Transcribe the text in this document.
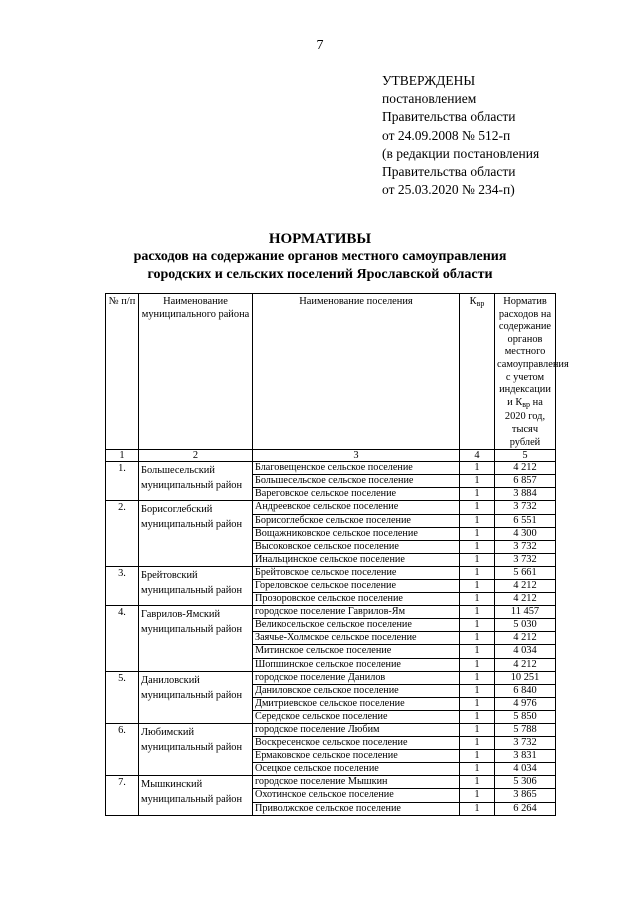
7
УТВЕРЖДЕНЫ
постановлением
Правительства области
от 24.09.2008 № 512-п
(в редакции постановления
Правительства области
от 25.03.2020 № 234-п)
НОРМАТИВЫ
расходов на содержание органов местного самоуправления
городских и сельских поселений Ярославской области
№ п/п	Наименование муниципального района	Наименование поселения	Квр	Норматив расходов на содержание органов местного самоуправления с учетом индексации и Квр на 2020 год, тысяч рублей
1	2	3	4	5
1.	Большесельский муниципальный район	Благовещенское сельское поселение	1	4 212
		Большесельское сельское поселение	1	6 857
		Вареговское сельское поселение	1	3 884
2.	Борисоглебский муниципальный район	Андреевское сельское поселение	1	3 732
		Борисоглебское сельское поселение	1	6 551
		Вощажниковское сельское поселение	1	4 300
		Высоковское сельское поселение	1	3 732
		Инальцинское сельское поселение	1	3 732
3.	Брейтовский муниципальный район	Брейтовское сельское поселение	1	5 661
		Гореловское сельское поселение	1	4 212
		Прозоровское сельское поселение	1	4 212
4.	Гаврилов-Ямский муниципальный район	городское поселение Гаврилов-Ям	1	11 457
		Великосельское сельское поселение	1	5 030
		Заячье-Холмское сельское поселение	1	4 212
		Митинское сельское поселение	1	4 034
		Шопшинское сельское поселение	1	4 212
5.	Даниловский муниципальный район	городское поселение Данилов	1	10 251
		Даниловское сельское поселение	1	6 840
		Дмитриевское сельское поселение	1	4 976
		Середское сельское поселение	1	5 850
6.	Любимский муниципальный район	городское поселение Любим	1	5 788
		Воскресенское сельское поселение	1	3 732
		Ермаковское сельское поселение	1	3 831
		Осецкое сельское поселение	1	4 034
7.	Мышкинский муниципальный район	городское поселение Мышкин	1	5 306
		Охотинское сельское поселение	1	3 865
		Приволжское сельское поселение	1	6 264
